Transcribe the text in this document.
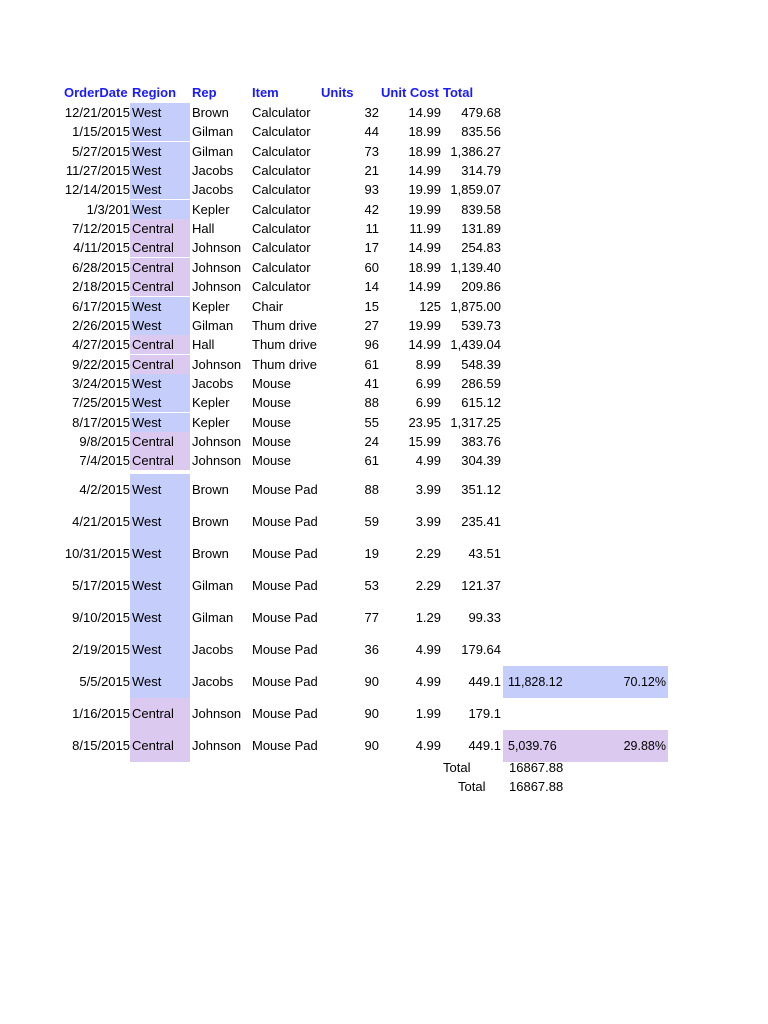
OrderDate Region	Rep	Item	Units Unit Cost Total
12/21/2015 West	Brown	Calculator	32	14.99	479.68
1/15/2015 West	Gilman	Calculator	44	18.99	835.56
5/27/2015 West	Gilman	Calculator	73	18.99 1,386.27
11/27/2015 West	Jacobs	Calculator	21	14.99	314.79
12/14/2015 West	Jacobs	Calculator	93	19.99 1,859.07
1/3/201 West	Kepler	Calculator	42	19.99	839.58
7/12/2015 Central	Hall	Calculator	11	11.99	131.89
4/11/2015 Central	Johnson Calculator	17	14.99	254.83
6/28/2015 Central	Johnson Calculator	60	18.99 1,139.40
2/18/2015 Central	Johnson Calculator	14	14.99	209.86
6/17/2015 West	Kepler	Chair	15	125 1,875.00
2/26/2015 West	Gilman	Thum drive	27	19.99	539.73
4/27/2015 Central	Hall	Thum drive	96	14.99 1,439.04
9/22/2015 Central	Johnson Thum drive	61	8.99	548.39
3/24/2015 West	Jacobs	Mouse	41	6.99	286.59
7/25/2015 West	Kepler	Mouse	88	6.99	615.12
8/17/2015 West	Kepler	Mouse	55	23.95 1,317.25
9/8/2015 Central	Johnson Mouse	24	15.99	383.76
7/4/2015 Central	Johnson Mouse	61	4.99	304.39
4/2/2015 West	Brown	Mouse Pad	88	3.99	351.12
4/21/2015 West	Brown	Mouse Pad	59	3.99	235.41
10/31/2015 West	Brown	Mouse Pad	19	2.29	43.51
5/17/2015 West	Gilman	Mouse Pad	53	2.29	121.37
9/10/2015 West	Gilman	Mouse Pad	77	1.29	99.33
2/19/2015 West	Jacobs	Mouse Pad	36	4.99	179.64
5/5/2015 West	Jacobs	Mouse Pad	90	4.99	449.1 11,828.12	70.12%
1/16/2015 Central	Johnson Mouse Pad	90	1.99	179.1
8/15/2015 Central	Johnson Mouse Pad	90	4.99	449.1 5,039.76	29.88%
Total	16867.88
Total 16867.88
